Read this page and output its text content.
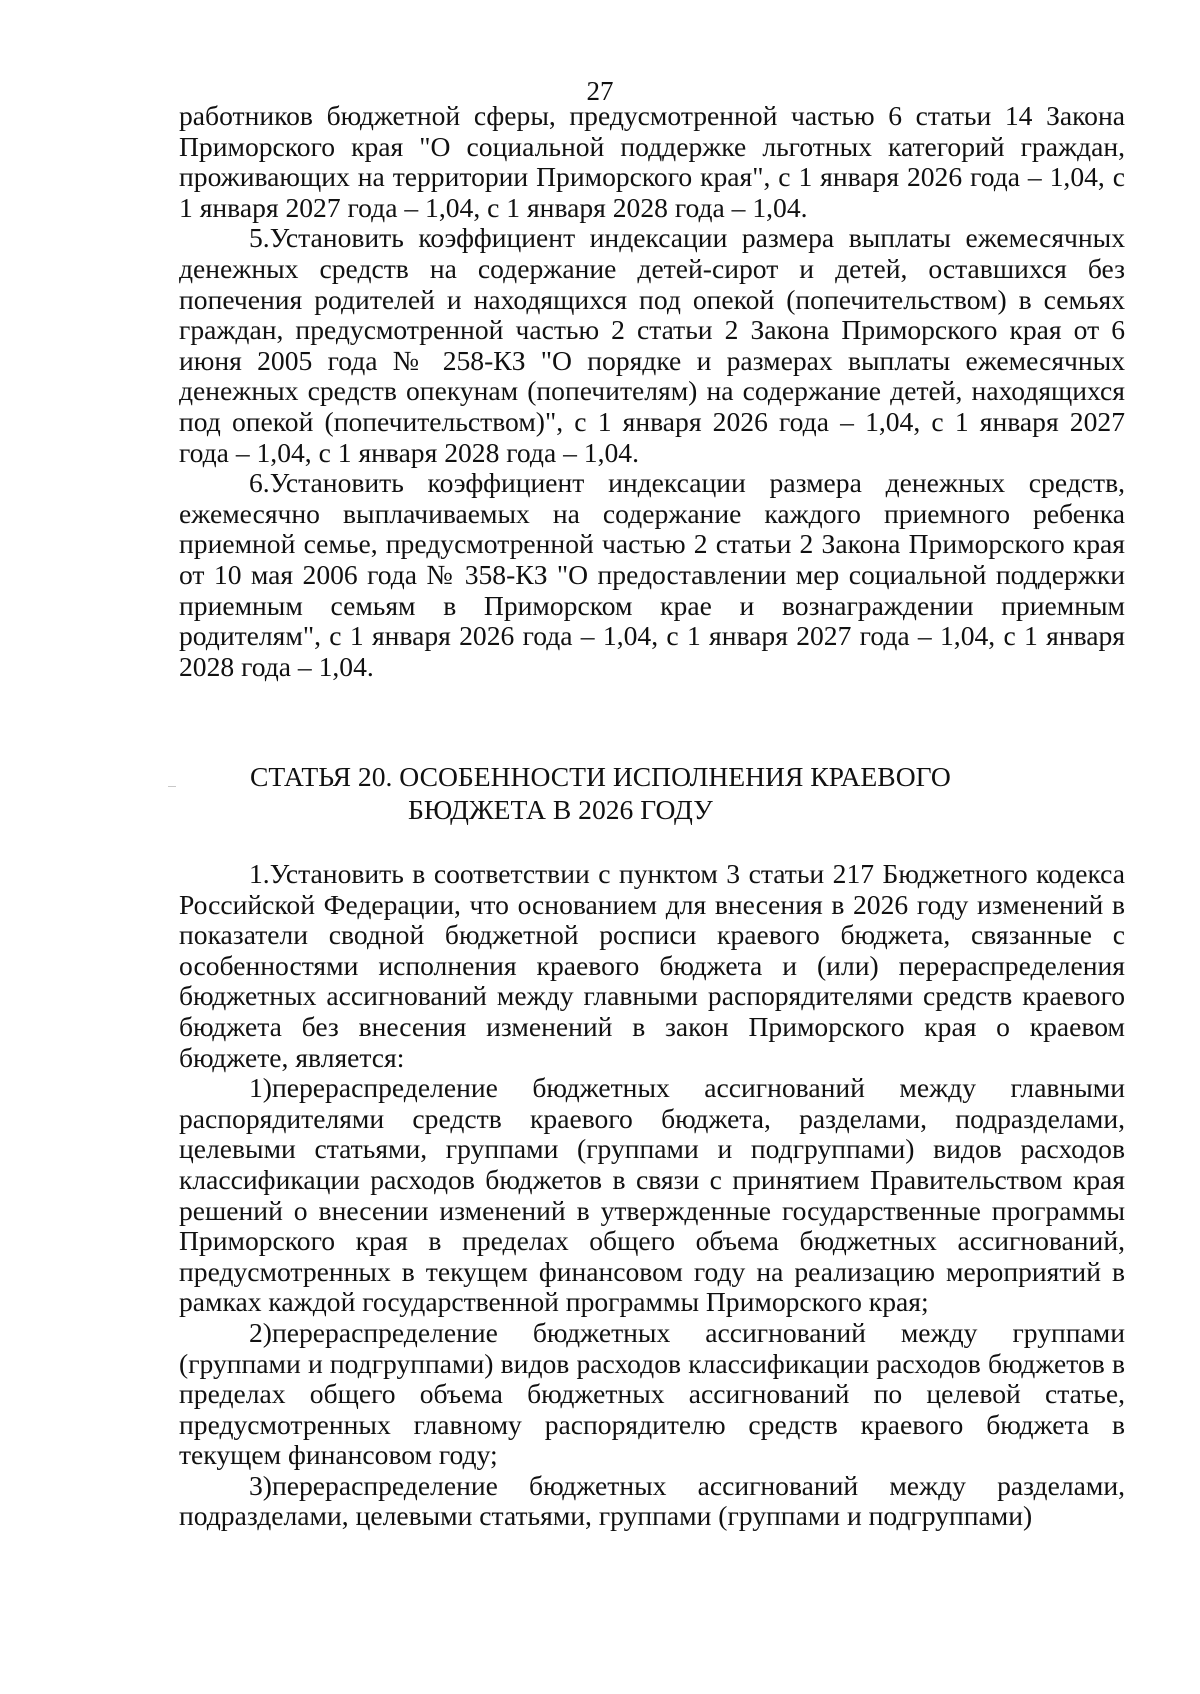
27

работников бюджетной сферы, предусмотренной частью 6 статьи 14 Закона Приморского края "О социальной поддержке льготных категорий граждан, проживающих на территории Приморского края", с 1 января 2026 года – 1,04, с 1 января 2027 года – 1,04, с 1 января 2028 года – 1,04.

5.Установить коэффициент индексации размера выплаты ежемесячных денежных средств на содержание детей-сирот и детей, оставшихся без попечения родителей и находящихся под опекой (попечительством) в семьях граждан, предусмотренной частью 2 статьи 2 Закона Приморского края от 6 июня 2005 года № 258-КЗ "О порядке и размерах выплаты ежемесячных денежных средств опекунам (попечителям) на содержание детей, находящихся под опекой (попечительством)", с 1 января 2026 года – 1,04, с 1 января 2027 года – 1,04, с 1 января 2028 года – 1,04.

6.Установить коэффициент индексации размера денежных средств, ежемесячно выплачиваемых на содержание каждого приемного ребенка приемной семье, предусмотренной частью 2 статьи 2 Закона Приморского края от 10 мая 2006 года № 358-КЗ "О предоставлении мер социальной поддержки приемным семьям в Приморском крае и вознаграждении приемным родителям", с 1 января 2026 года – 1,04, с 1 января 2027 года – 1,04, с 1 января 2028 года – 1,04.

СТАТЬЯ 20. ОСОБЕННОСТИ ИСПОЛНЕНИЯ КРАЕВОГО
БЮДЖЕТА В 2026 ГОДУ

1.Установить в соответствии с пунктом 3 статьи 217 Бюджетного кодекса Российской Федерации, что основанием для внесения в 2026 году изменений в показатели сводной бюджетной росписи краевого бюджета, связанные с особенностями исполнения краевого бюджета и (или) перераспределения бюджетных ассигнований между главными распорядителями средств краевого бюджета без внесения изменений в закон Приморского края о краевом бюджете, является:

1)перераспределение бюджетных ассигнований между главными распорядителями средств краевого бюджета, разделами, подразделами, целевыми статьями, группами (группами и подгруппами) видов расходов классификации расходов бюджетов в связи с принятием Правительством края решений о внесении изменений в утвержденные государственные программы Приморского края в пределах общего объема бюджетных ассигнований, предусмотренных в текущем финансовом году на реализацию мероприятий в рамках каждой государственной программы Приморского края;

2)перераспределение бюджетных ассигнований между группами (группами и подгруппами) видов расходов классификации расходов бюджетов в пределах общего объема бюджетных ассигнований по целевой статье, предусмотренных главному распорядителю средств краевого бюджета в текущем финансовом году;

3)перераспределение бюджетных ассигнований между разделами, подразделами, целевыми статьями, группами (группами и подгруппами)
